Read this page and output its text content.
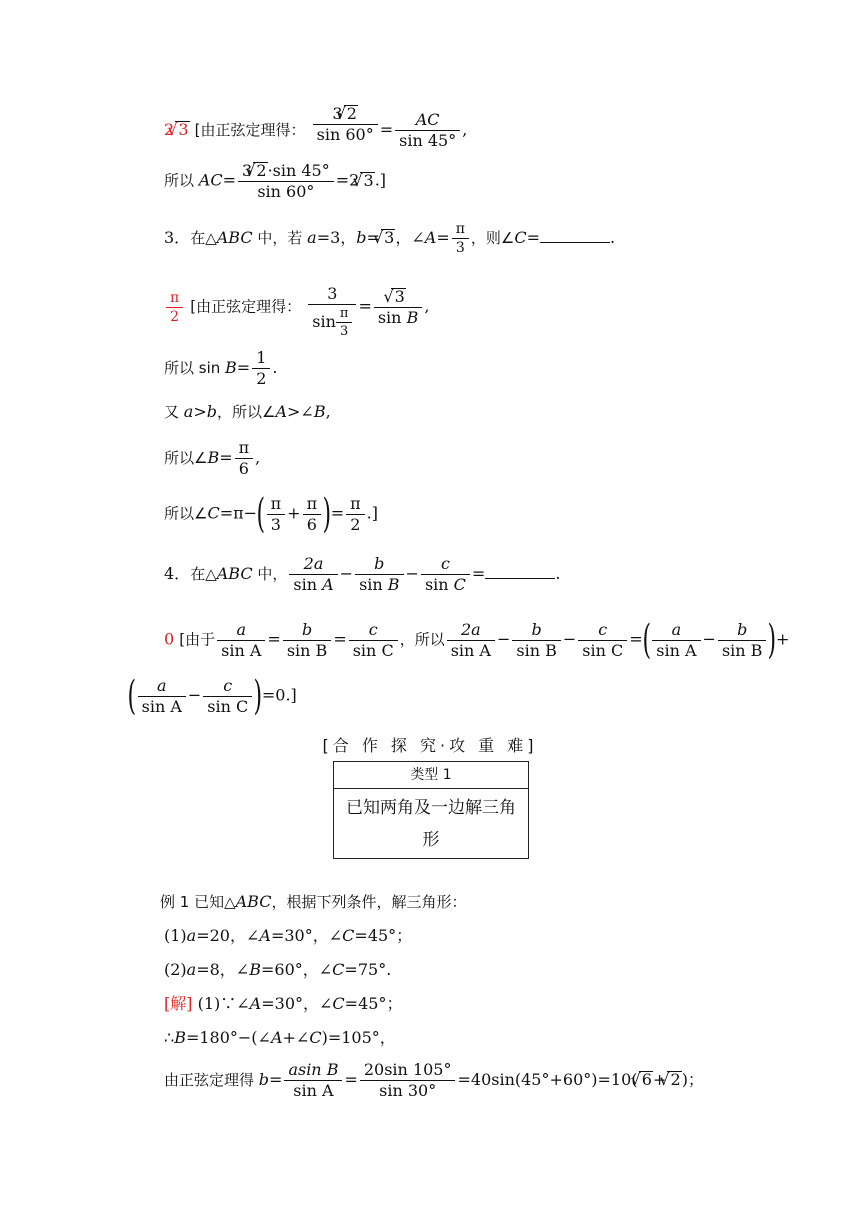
2√ 3 [由正弦定理得： $\frac{3√ 2}{\sin 60^\circ} = \frac{AC}{\sin 45^\circ}$ ,
所以 $AC= \frac{3√ 2\cdot\sin 45^\circ}{\sin 60^\circ} =2√$ 3.]
3．在△ABC 中，若 a=3，b=√ 3，∠A= $\frac{\pi}{3}$ ，则∠C=	.
$\frac{\pi}{2}$ [由正弦定理得： $\frac{3}{\sin \frac{\pi}{3}}$ =
√ $\frac{3}{\text{sin B}}$ ,
所以 $\sin B= \frac{1}{2}$ .
又 a>b，所以∠A>∠B,
所以∠B= $\frac{\pi}{6}$ ,
所以∠C=π−( $\frac{\pi}{3} + \frac{\pi}{6}$ )= $\frac{\pi}{2}$ .]
4．在△ABC 中， $\frac{2a}{\text{sin A}} - \frac{b}{\text{sin B}} - \frac{c}{\text{sin C}}$ =	.
0 [由于 $\frac{a}{\text{sin A}} = \frac{b}{\text{sin B}} = \frac{c}{\text{sin C}}$ ，所以 $\frac{2a}{\text{sin A}} - \frac{b}{\text{sin B}} - \frac{c}{\text{sin C}}$ =( $\frac{a}{\text{sin A}} - \frac{b}{\text{sin B}}$ )+
( $\frac{a}{\text{sin A}} - \frac{c}{\text{sin C}} )=0$.]
[合 作 探 究·攻 重 难]
类型 1
已知两角及一边解三角
形
例 1 已知△ABC，根据下列条件，解三角形：
(1)a=20，∠A=30°，∠C=45°；
(2)a=8，∠B=60°，∠C=75°.
[解] (1)∵∠A=30°，∠C=45°；
∴B=180°−(∠A+∠C)=105°，
由正弦定理得 $b= \frac{\text{asin B}}{\text{sin A}} = \frac{20\sin 105^\circ}{\sin 30^\circ} =40\sin(45^\circ+60^\circ)=10(√$ 6+√ 2)；
